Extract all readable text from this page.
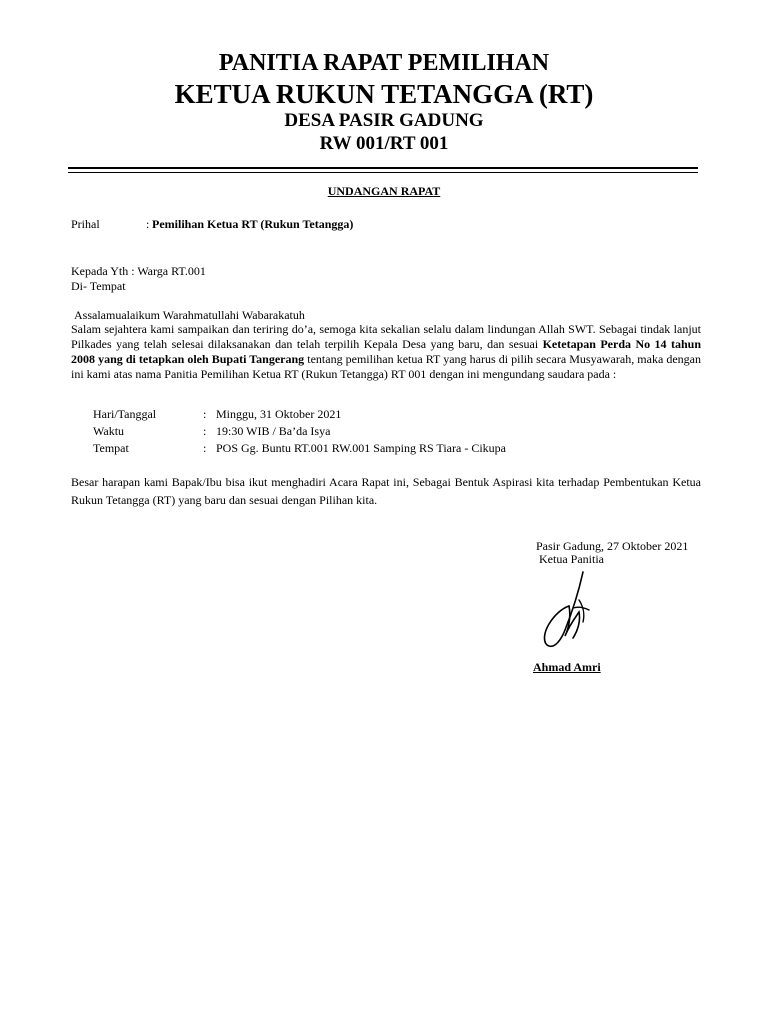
PANITIA RAPAT PEMILIHAN
KETUA RUKUN TETANGGA (RT)
DESA PASIR GADUNG
RW 001/RT 001
UNDANGAN RAPAT
Prihal	: Pemilihan Ketua RT (Rukun Tetangga)
Kepada Yth : Warga RT.001
Di- Tempat
Assalamualaikum Warahmatullahi Wabarakatuh
Salam sejahtera kami sampaikan dan teriring do’a, semoga kita sekalian selalu dalam lindungan Allah SWT. Sebagai tindak lanjut Pilkades yang telah selesai dilaksanakan dan telah terpilih Kepala Desa yang baru, dan sesuai Ketetapan Perda No 14 tahun 2008 yang di tetapkan oleh Bupati Tangerang tentang pemilihan ketua RT yang harus di pilih secara Musyawarah, maka dengan ini kami atas nama Panitia Pemilihan Ketua RT (Rukun Tetangga) RT 001 dengan ini mengundang saudara pada :
Hari/Tanggal	: Minggu, 31 Oktober 2021
Waktu	: 19:30 WIB / Ba’da Isya
Tempat	: POS Gg. Buntu RT.001 RW.001 Samping RS Tiara - Cikupa
Besar harapan kami Bapak/Ibu bisa ikut menghadiri Acara Rapat ini, Sebagai Bentuk Aspirasi kita terhadap Pembentukan Ketua Rukun Tetangga (RT) yang baru dan sesuai dengan Pilihan kita.
Pasir Gadung, 27 Oktober 2021
Ketua Panitia
Ahmad Amri
